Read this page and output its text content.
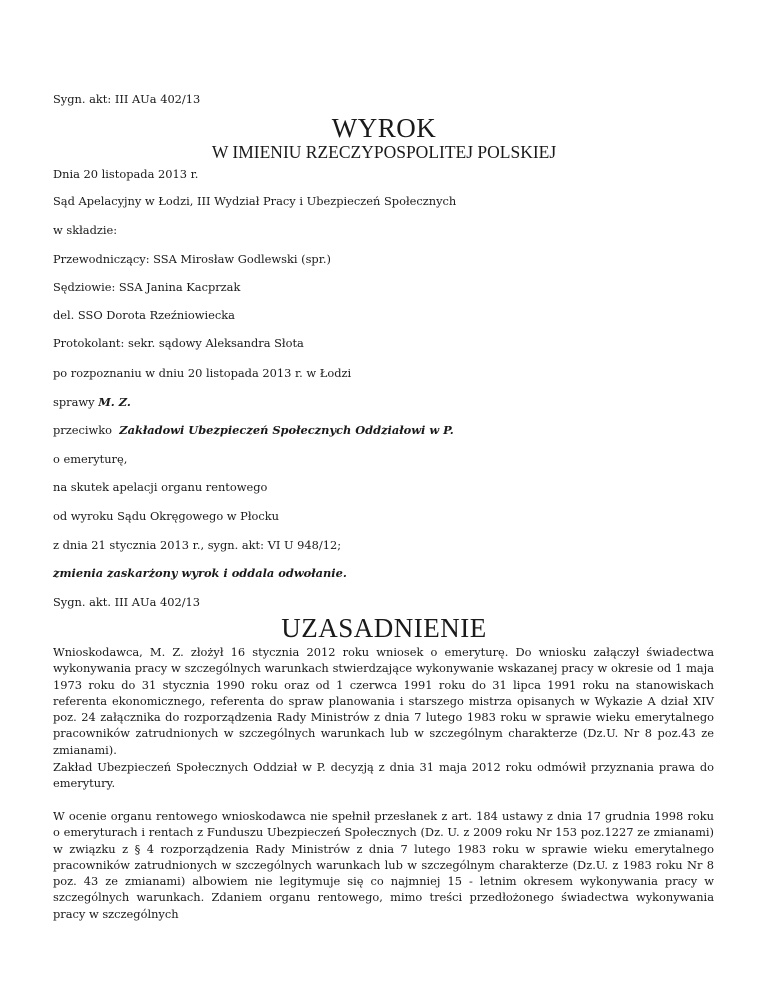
Sygn. akt: III AUa 402/13
WYROK
W IMIENIU RZECZYPOSPOLITEJ POLSKIEJ
Dnia 20 listopada 2013 r.
Sąd Apelacyjny w Łodzi, III Wydział Pracy i Ubezpieczeń Społecznych
w składzie:
Przewodniczący: SSA Mirosław Godlewski (spr.)
Sędziowie: SSA Janina Kacprzak
del. SSO Dorota Rzeźniowiecka
Protokolant: sekr. sądowy Aleksandra Słota
po rozpoznaniu w dniu 20 listopada 2013 r. w Łodzi
sprawy M. Z.
przeciwko Zakładowi Ubezpieczeń Społecznych Oddziałowi w P.
o emeryturę,
na skutek apelacji organu rentowego
od wyroku Sądu Okręgowego w Płocku
z dnia 21 stycznia 2013 r., sygn. akt: VI U 948/12;
zmienia zaskarżony wyrok i oddala odwołanie.
Sygn. akt. III AUa 402/13
UZASADNIENIE
Wnioskodawca, M. Z. złożył 16 stycznia 2012 roku wniosek o emeryturę. Do wniosku załączył świadectwa wykonywania pracy w szczególnych warunkach stwierdzające wykonywanie wskazanej pracy w okresie od 1 maja 1973 roku do 31 stycznia 1990 roku oraz od 1 czerwca 1991 roku do 31 lipca 1991 roku na stanowiskach referenta ekonomicznego, referenta do spraw planowania i starszego mistrza opisanych w Wykazie A dział XIV poz. 24 załącznika do rozporządzenia Rady Ministrów z dnia 7 lutego 1983 roku w sprawie wieku emerytalnego pracowników zatrudnionych w szczególnych warunkach lub w szczególnym charakterze (Dz.U. Nr 8 poz.43 ze zmianami).
Zakład Ubezpieczeń Społecznych Oddział w P. decyzją z dnia 31 maja 2012 roku odmówił przyznania prawa do emerytury.
W ocenie organu rentowego wnioskodawca nie spełnił przesłanek z art. 184 ustawy z dnia 17 grudnia 1998 roku o emeryturach i rentach z Funduszu Ubezpieczeń Społecznych (Dz. U. z 2009 roku Nr 153 poz.1227 ze zmianami) w związku z § 4 rozporządzenia Rady Ministrów z dnia 7 lutego 1983 roku w sprawie wieku emerytalnego pracowników zatrudnionych w szczególnych warunkach lub w szczególnym charakterze (Dz.U. z 1983 roku Nr 8 poz. 43 ze zmianami) albowiem nie legitymuje się co najmniej 15 - letnim okresem wykonywania pracy w szczególnych warunkach. Zdaniem organu rentowego, mimo treści przedłożonego świadectwa wykonywania pracy w szczególnych
